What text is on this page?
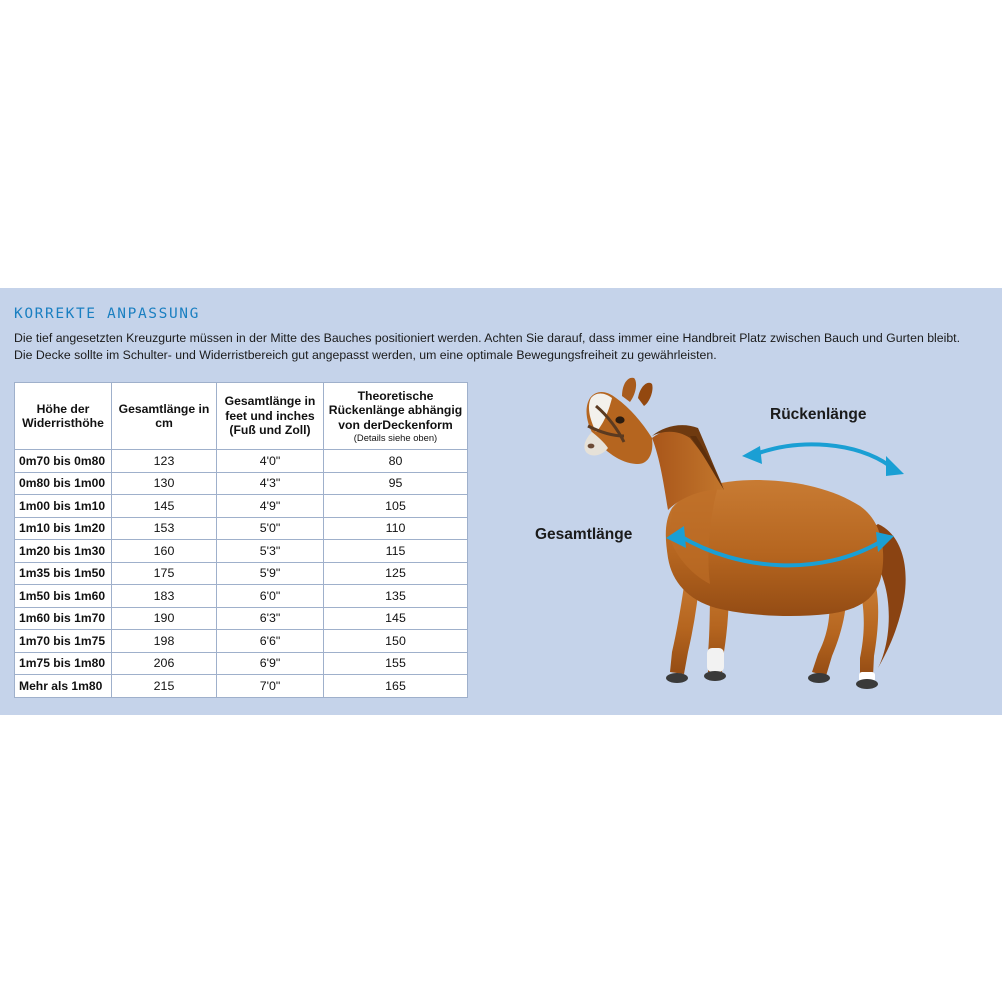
KORREKTE ANPASSUNG
Die tief angesetzten Kreuzgurte müssen in der Mitte des Bauches positioniert werden. Achten Sie darauf, dass immer eine Handbreit Platz zwischen Bauch und Gurten bleibt.
Die Decke sollte im Schulter- und Widerristbereich gut angepasst werden, um eine optimale Bewegungsfreiheit zu gewährleisten.
Höhe der Widerristhöhe	Gesamtlänge in cm	Gesamtlänge in feet und inches (Fuß und Zoll)	Theoretische Rückenlänge abhängig von derDeckenform
(Details siehe oben)

0m70 bis 0m80	123	4'0"	80
0m80 bis 1m00	130	4'3"	95
1m00 bis 1m10	145	4'9"	105
1m10 bis 1m20	153	5'0"	110
1m20 bis 1m30	160	5'3"	115
1m35 bis 1m50	175	5'9"	125
1m50 bis 1m60	183	6'0"	135
1m60 bis 1m70	190	6'3"	145
1m70 bis 1m75	198	6'6"	150
1m75 bis 1m80	206	6'9"	155
Mehr als 1m80	215	7'0"	165
Rückenlänge
Gesamtlänge
